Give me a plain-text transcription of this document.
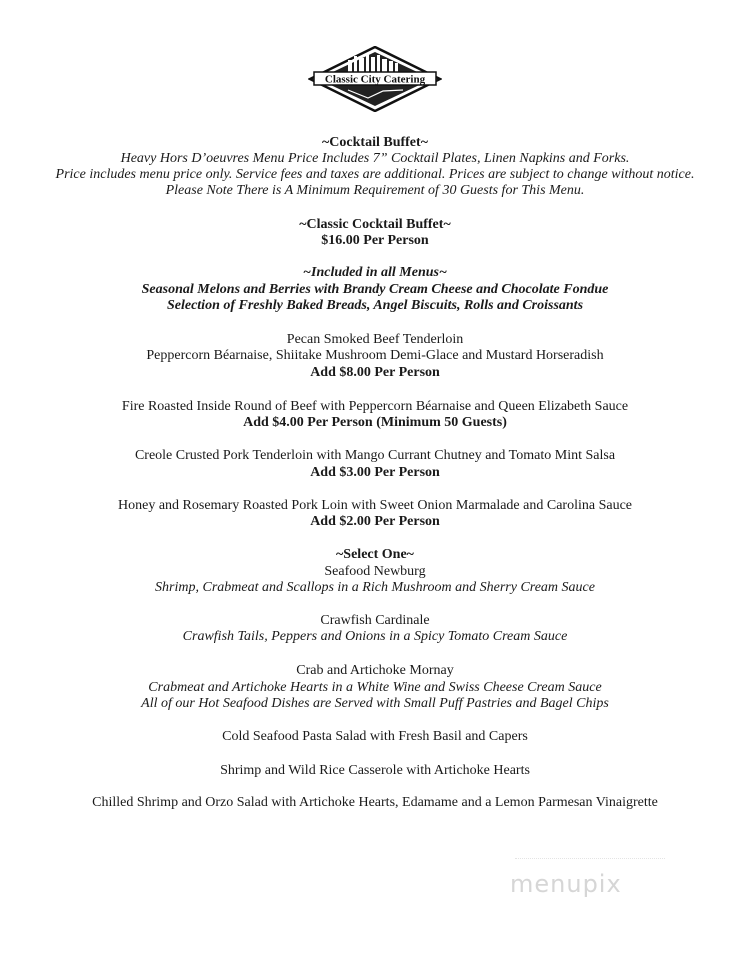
Classic City Catering
~Cocktail Buffet~
Heavy Hors D’oeuvres Menu Price Includes 7” Cocktail Plates, Linen Napkins and Forks.
Price includes menu price only. Service fees and taxes are additional. Prices are subject to change without notice.
Please Note There is A Minimum Requirement of 30 Guests for This Menu.
~Classic Cocktail Buffet~
$16.00 Per Person
~Included in all Menus~
Seasonal Melons and Berries with Brandy Cream Cheese and Chocolate Fondue
Selection of Freshly Baked Breads, Angel Biscuits, Rolls and Croissants
Pecan Smoked Beef Tenderloin
Peppercorn Béarnaise, Shiitake Mushroom Demi-Glace and Mustard Horseradish
Add $8.00 Per Person
Fire Roasted Inside Round of Beef with Peppercorn Béarnaise and Queen Elizabeth Sauce
Add $4.00 Per Person (Minimum 50 Guests)
Creole Crusted Pork Tenderloin with Mango Currant Chutney and Tomato Mint Salsa
Add $3.00 Per Person
Honey and Rosemary Roasted Pork Loin with Sweet Onion Marmalade and Carolina Sauce
Add $2.00 Per Person
~Select One~
Seafood Newburg
Shrimp, Crabmeat and Scallops in a Rich Mushroom and Sherry Cream Sauce
Crawfish Cardinale
Crawfish Tails, Peppers and Onions in a Spicy Tomato Cream Sauce
Crab and Artichoke Mornay
Crabmeat and Artichoke Hearts in a White Wine and Swiss Cheese Cream Sauce
All of our Hot Seafood Dishes are Served with Small Puff Pastries and Bagel Chips
Cold Seafood Pasta Salad with Fresh Basil and Capers
Shrimp and Wild Rice Casserole with Artichoke Hearts
Chilled Shrimp and Orzo Salad with Artichoke Hearts, Edamame and a Lemon Parmesan Vinaigrette
menupix
